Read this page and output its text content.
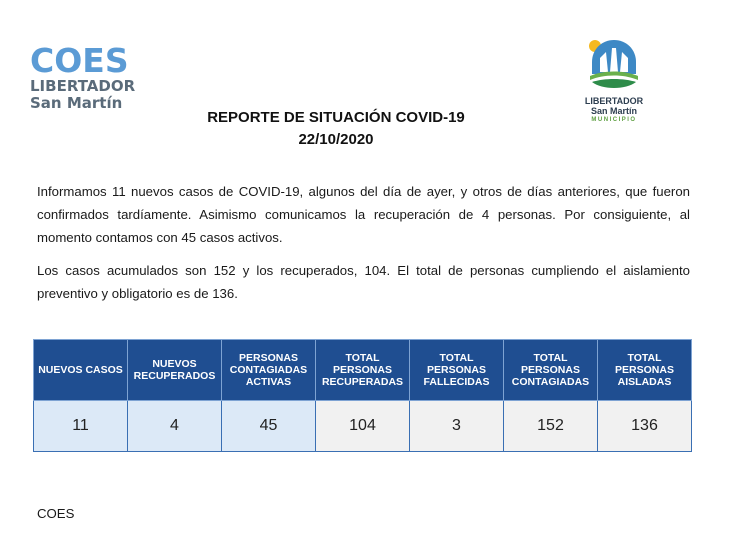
COES
LIBERTADOR
San Martín	LIBERTADOR
San Martín
MUNICIPIO
REPORTE DE SITUACIÓN COVID-19
22/10/2020
Informamos 11 nuevos casos de COVID-19, algunos del día de ayer, y otros de días anteriores, que fueron confirmados tardíamente. Asimismo comunicamos la recuperación de 4 personas. Por consiguiente, al momento contamos con 45 casos activos.
Los casos acumulados son 152 y los recuperados, 104. El total de personas cumpliendo el aislamiento preventivo y obligatorio es de 136.
NUEVOS CASOS	NUEVOS RECUPERADOS	PERSONAS CONTAGIADAS ACTIVAS	TOTAL PERSONAS RECUPERADAS	TOTAL PERSONAS FALLECIDAS	TOTAL PERSONAS CONTAGIADAS	TOTAL PERSONAS AISLADAS
11	4	45	104	3	152	136
COES
